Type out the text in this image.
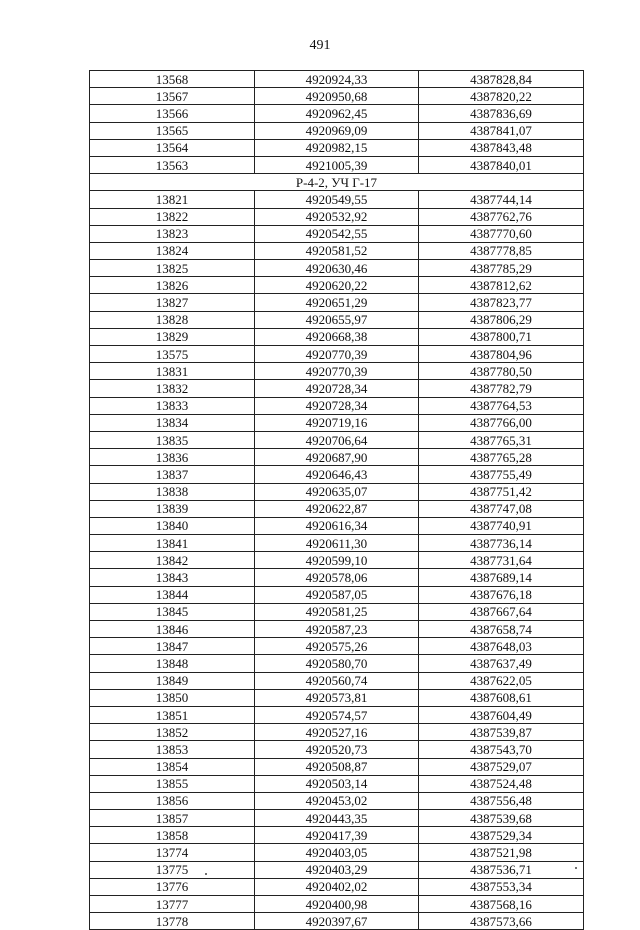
491
13568	4920924,33	4387828,84
13567	4920950,68	4387820,22
13566	4920962,45	4387836,69
13565	4920969,09	4387841,07
13564	4920982,15	4387843,48
13563	4921005,39	4387840,01
Р-4-2, УЧ Г-17		
13821	4920549,55	4387744,14
13822	4920532,92	4387762,76
13823	4920542,55	4387770,60
13824	4920581,52	4387778,85
13825	4920630,46	4387785,29
13826	4920620,22	4387812,62
13827	4920651,29	4387823,77
13828	4920655,97	4387806,29
13829	4920668,38	4387800,71
13575	4920770,39	4387804,96
13831	4920770,39	4387780,50
13832	4920728,34	4387782,79
13833	4920728,34	4387764,53
13834	4920719,16	4387766,00
13835	4920706,64	4387765,31
13836	4920687,90	4387765,28
13837	4920646,43	4387755,49
13838	4920635,07	4387751,42
13839	4920622,87	4387747,08
13840	4920616,34	4387740,91
13841	4920611,30	4387736,14
13842	4920599,10	4387731,64
13843	4920578,06	4387689,14
13844	4920587,05	4387676,18
13845	4920581,25	4387667,64
13846	4920587,23	4387658,74
13847	4920575,26	4387648,03
13848	4920580,70	4387637,49
13849	4920560,74	4387622,05
13850	4920573,81	4387608,61
13851	4920574,57	4387604,49
13852	4920527,16	4387539,87
13853	4920520,73	4387543,70
13854	4920508,87	4387529,07
13855	4920503,14	4387524,48
13856	4920453,02	4387556,48
13857	4920443,35	4387539,68
13858	4920417,39	4387529,34
13774	4920403,05	4387521,98
13775	4920403,29	4387536,71
13776	4920402,02	4387553,34
13777	4920400,98	4387568,16
13778	4920397,67	4387573,66
